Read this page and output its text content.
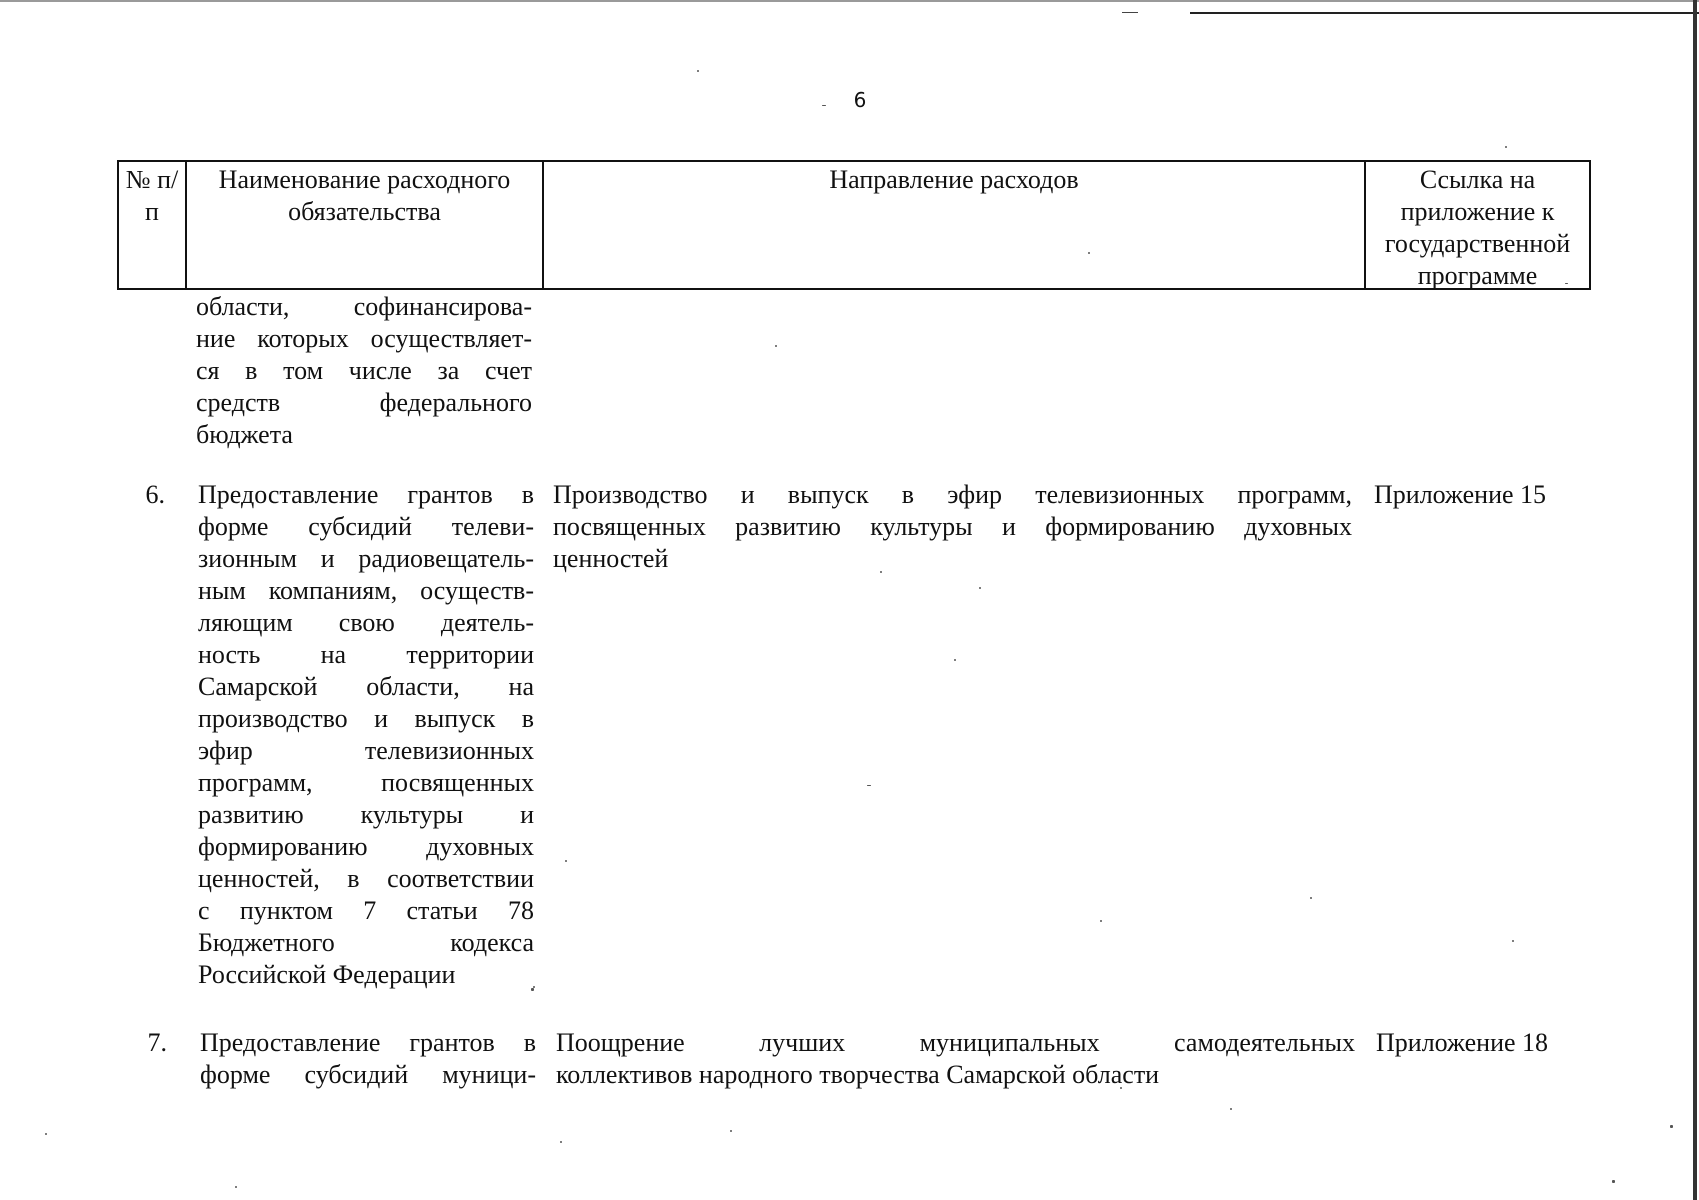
6
№ п/п
Наименование расходного обязательства
Направление расходов	Ссылка на приложение к государственной программе
области, софинансирова-
ние которых осуществляет-
ся в том числе за счет
средств федерального
бюджета
6. Предоставление грантов в
форме субсидий телеви-
зионным и радиовещатель-
ным компаниям, осуществ-
ляющим свою деятель-
ность на территории
Самарской области, на
производство и выпуск в
эфир телевизионных
программ, посвященных
развитию культуры и
формированию духовных
ценностей, в соответствии
с пунктом 7 статьи 78
Бюджетного кодекса
Российской Федерации
Производство и выпуск в эфир телевизионных программ,
посвященных развитию культуры и формированию духовных
ценностей
Приложение 15
7. Предоставление грантов в
форме субсидий муници-
Поощрение лучших муниципальных самодеятельных
коллективов народного творчества Самарской области
Приложение 18
